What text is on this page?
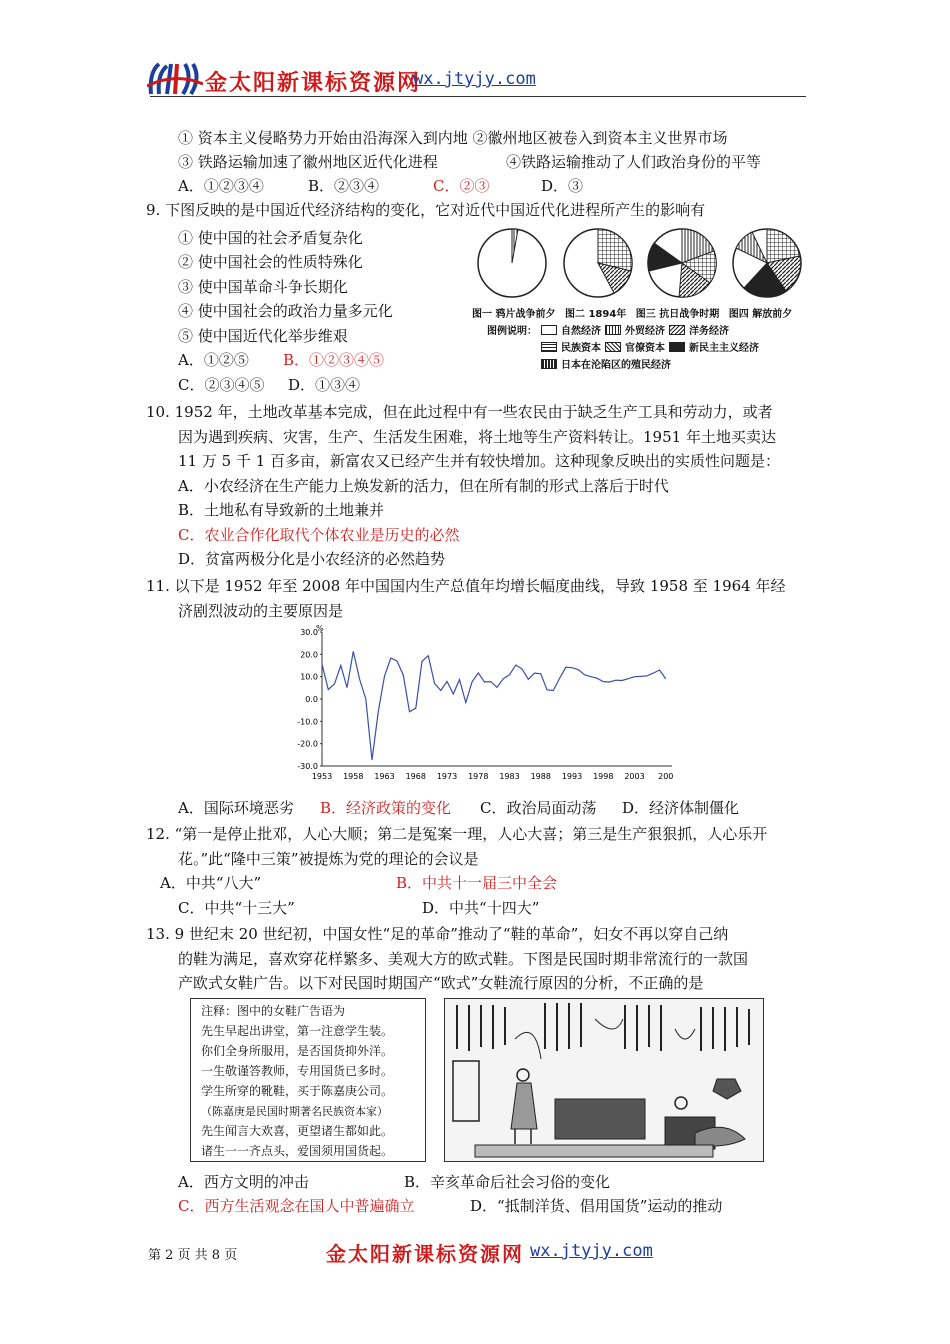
金太阳新课标资源网
wx.jtyjy.com
① 资本主义侵略势力开始由沿海深入到内地 ②徽州地区被卷入到资本主义世界市场
③ 铁路运输加速了徽州地区近代化进程	④铁路运输推动了人们政治身份的平等
A．①②③④	B．②③④	C．②③	D．③
9. 下图反映的是中国近代经济结构的变化，它对近代中国近代化进程所产生的影响有
① 使中国的社会矛盾复杂化
② 使中国社会的性质特殊化
③ 使中国革命斗争长期化
④ 使中国社会的政治力量多元化
⑤ 使中国近代化举步维艰
A．①②⑤ B．①②③④⑤
C．②③④⑤ D．①③④
图一 鸦片战争前夕 图二 1894年 图三 抗日战争时期 图四 解放前夕
图例说明： 自然经济 外贸经济 洋务经济
民族资本 官僚资本 新民主主义经济
日本在沦陷区的殖民经济
10. 1952 年，土地改革基本完成，但在此过程中有一些农民由于缺乏生产工具和劳动力，或者
因为遇到疾病、灾害，生产、生活发生困难，将土地等生产资料转让。1951 年土地买卖达
11 万 5 千 1 百多亩，新富农又已经产生并有较快增加。这种现象反映出的实质性问题是：
A．小农经济在生产能力上焕发新的活力，但在所有制的形式上落后于时代
B．土地私有导致新的土地兼并
C．农业合作化取代个体农业是历史的必然
D．贫富两极分化是小农经济的必然趋势
11. 以下是 1952 年至 2008 年中国国内生产总值年均增长幅度曲线，导致 1958 至 1964 年经
济剧烈波动的主要原因是
30.0
20.0
10.0
0.0
-10.0
-20.0
-30.0
1953 1958 1963 1968 1973 1978 1983 1988 1993 1998 2003 200
%
A．国际环境恶劣 B．经济政策的变化 C．政治局面动荡 D．经济体制僵化
12. “第一是停止批邓，人心大顺；第二是冤案一理，人心大喜；第三是生产狠狠抓，人心乐开
花。”此“隆中三策”被提炼为党的理论的会议是
A．中共“八大”	B．中共十一届三中全会
C．中共“十三大”	D．中共“十四大”
13. 9 世纪末 20 世纪初，中国女性“足的革命”推动了“鞋的革命”，妇女不再以穿自己纳
的鞋为满足，喜欢穿花样繁多、美观大方的欧式鞋。下图是民国时期非常流行的一款国
产欧式女鞋广告。以下对民国时期国产“欧式”女鞋流行原因的分析，不正确的是
注释：图中的女鞋广告语为
先生早起出讲堂，第一注意学生装。
你们全身所服用，是否国货抑外洋。
一生敬谨答教师，专用国货已多时。
学生所穿的靴鞋，买于陈嘉庚公司。
（陈嘉庚是民国时期著名民族资本家）
先生闻言大欢喜，更望诸生都如此。
诸生一一齐点头，爱国须用国货起。
A．西方文明的冲击	B．辛亥革命后社会习俗的变化
C．西方生活观念在国人中普遍确立	D．“抵制洋货、倡用国货”运动的推动
第 2 页 共 8 页	金太阳新课标资源网 wx.jtyjy.com
